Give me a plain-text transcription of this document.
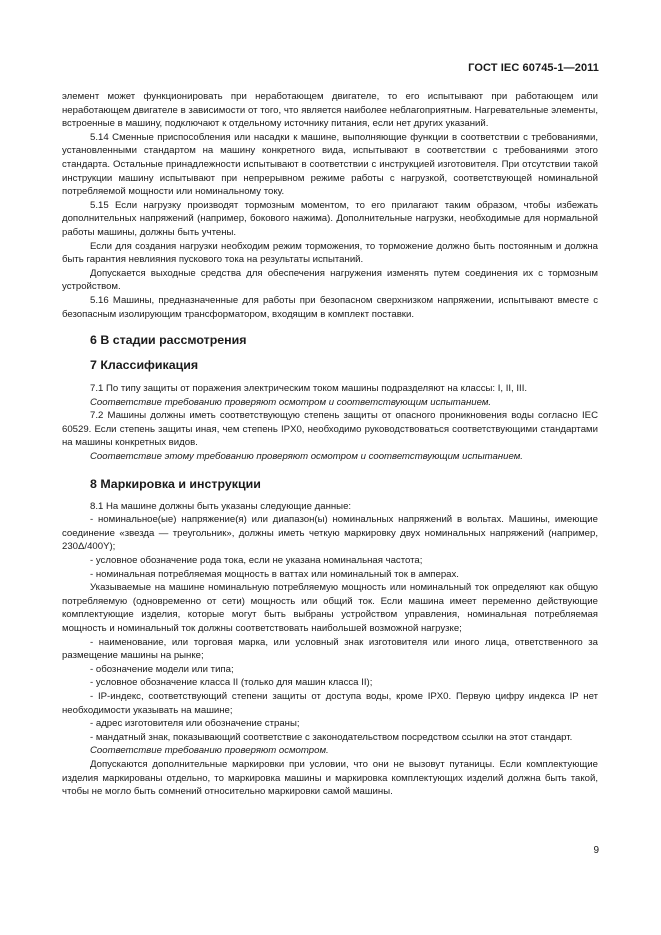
ГОСТ IEC 60745-1—2011

элемент может функционировать при неработающем двигателе, то его испытывают при работающем или неработающем двигателе в зависимости от того, что является наиболее неблагоприятным. Нагревательные элементы, встроенные в машину, подключают к отдельному источнику питания, если нет других указаний.

5.14 Сменные приспособления или насадки к машине, выполняющие функции в соответствии с требованиями, установленными стандартом на машину конкретного вида, испытывают в соответствии с требованиями этого стандарта. Остальные принадлежности испытывают в соответствии с инструкцией изготовителя. При отсутствии такой инструкции машину испытывают при непрерывном режиме работы с нагрузкой, соответствующей номинальной потребляемой мощности или номинальному току.

5.15 Если нагрузку производят тормозным моментом, то его прилагают таким образом, чтобы избежать дополнительных напряжений (например, бокового нажима). Дополнительные нагрузки, необходимые для нормальной работы машины, должны быть учтены.

Если для создания нагрузки необходим режим торможения, то торможение должно быть постоянным и должна быть гарантия невлияния пускового тока на результаты испытаний.

Допускается выходные средства для обеспечения нагружения изменять путем соединения их с тормозным устройством.

5.16 Машины, предназначенные для работы при безопасном сверхнизком напряжении, испытывают вместе с безопасным изолирующим трансформатором, входящим в комплект поставки.

6 В стадии рассмотрения
7 Классификация

7.1 По типу защиты от поражения электрическим током машины подразделяют на классы: I, II, III.

Соответствие требованию проверяют осмотром и соответствующим испытанием.

7.2 Машины должны иметь соответствующую степень защиты от опасного проникновения воды согласно IEC 60529. Если степень защиты иная, чем степень IPX0, необходимо руководствоваться соответствующими стандартами на машины конкретных видов.

Соответствие этому требованию проверяют осмотром и соответствующим испытанием.

8 Маркировка и инструкции

8.1 На машине должны быть указаны следующие данные:

- номинальное(ые) напряжение(я) или диапазон(ы) номинальных напряжений в вольтах. Машины, имеющие соединение «звезда — треугольник», должны иметь четкую маркировку двух номинальных напряжений (например, 230Δ/400Y);

- условное обозначение рода тока, если не указана номинальная частота;

- номинальная потребляемая мощность в ваттах или номинальный ток в амперах.

Указываемые на машине номинальную потребляемую мощность или номинальный ток определяют как общую потребляемую (одновременно от сети) мощность или общий ток. Если машина имеет переменно действующие комплектующие изделия, которые могут быть выбраны устройством управления, номинальная потребляемая мощность и номинальный ток должны соответствовать наибольшей возможной нагрузке;

- наименование, или торговая марка, или условный знак изготовителя или иного лица, ответственного за размещение машины на рынке;

- обозначение модели или типа;

- условное обозначение класса II (только для машин класса II);

- IP-индекс, соответствующий степени защиты от доступа воды, кроме IPX0. Первую цифру индекса IP нет необходимости указывать на машине;

- адрес изготовителя или обозначение страны;

- мандатный знак, показывающий соответствие с законодательством посредством ссылки на этот стандарт.

Соответствие требованию проверяют осмотром.

Допускаются дополнительные маркировки при условии, что они не вызовут путаницы. Если комплектующие изделия маркированы отдельно, то маркировка машины и маркировка комплектующих изделий должна быть такой, чтобы не могло быть сомнений относительно маркировки самой машины.

9
